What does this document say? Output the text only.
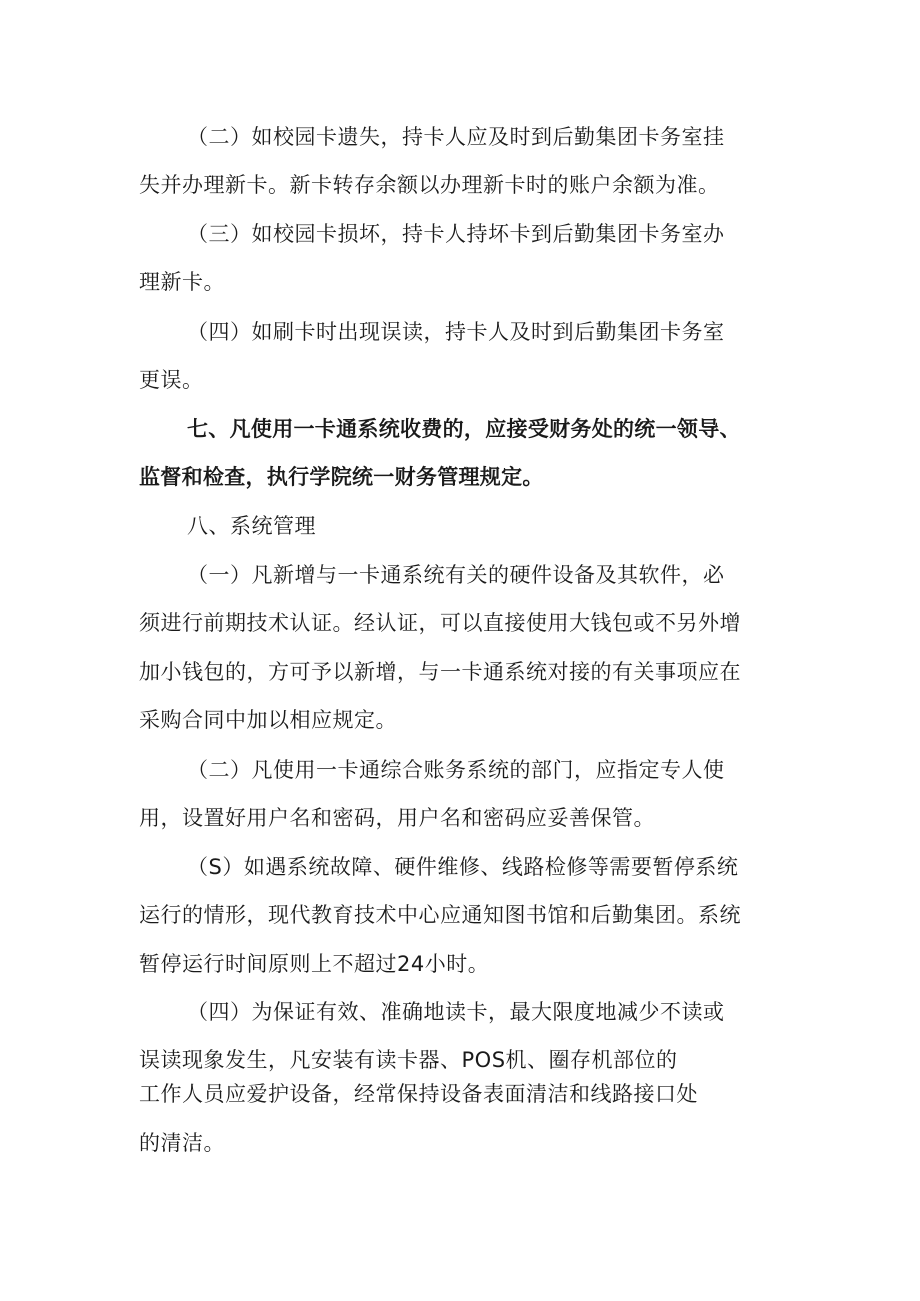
（二）如校园卡遗失，持卡人应及时到后勤集团卡务室挂
失并办理新卡。新卡转存余额以办理新卡时的账户余额为准。
（三）如校园卡损坏，持卡人持坏卡到后勤集团卡务室办
理新卡。
（四）如刷卡时出现误读，持卡人及时到后勤集团卡务室
更误。
七、凡使用一卡通系统收费的，应接受财务处的统一领导、
监督和检查，执行学院统一财务管理规定。
八、系统管理
（一）凡新增与一卡通系统有关的硬件设备及其软件，必
须进行前期技术认证。经认证，可以直接使用大钱包或不另外增
加小钱包的，方可予以新增，与一卡通系统对接的有关事项应在
采购合同中加以相应规定。
（二）凡使用一卡通综合账务系统的部门，应指定专人使
用，设置好用户名和密码，用户名和密码应妥善保管。
（S）如遇系统故障、硬件维修、线路检修等需要暂停系统
运行的情形，现代教育技术中心应通知图书馆和后勤集团。系统
暂停运行时间原则上不超过24小时。
（四）为保证有效、准确地读卡，最大限度地减少不读或
误读现象发生，凡安装有读卡器、POS机、圈存机部位的
工作人员应爱护设备，经常保持设备表面清洁和线路接口处
的清洁。
